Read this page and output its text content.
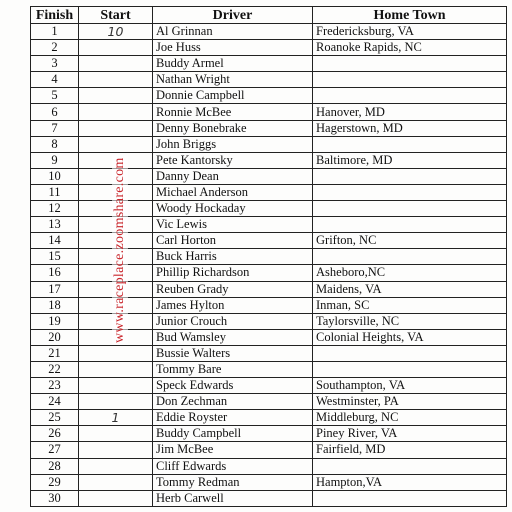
Finish	Start	Driver	Home Town
1	10	Al Grinnan	Fredericksburg, VA
2		Joe Huss	Roanoke Rapids, NC
3		Buddy Armel	
4		Nathan Wright	
5		Donnie Campbell	
6		Ronnie McBee	Hanover, MD
7		Denny Bonebrake	Hagerstown, MD
8		John Briggs	
9		Pete Kantorsky	Baltimore, MD
10		Danny Dean	
11		Michael Anderson	
12		Woody Hockaday	
13		Vic Lewis	
14		Carl Horton	Grifton, NC
15		Buck Harris	
16		Phillip Richardson	Asheboro,NC
17		Reuben Grady	Maidens, VA
18		James Hylton	Inman, SC
19		Junior Crouch	Taylorsville, NC
20		Bud Wamsley	Colonial Heights, VA
21		Bussie Walters	
22		Tommy Bare	
23		Speck Edwards	Southampton, VA
24		Don Zechman	Westminster, PA
25	1	Eddie Royster	Middleburg, NC
26		Buddy Campbell	Piney River, VA
27		Jim McBee	Fairfield, MD
28		Cliff Edwards	
29		Tommy Redman	Hampton,VA
30		Herb Carwell	
www.raceplace.zoomshare.com
